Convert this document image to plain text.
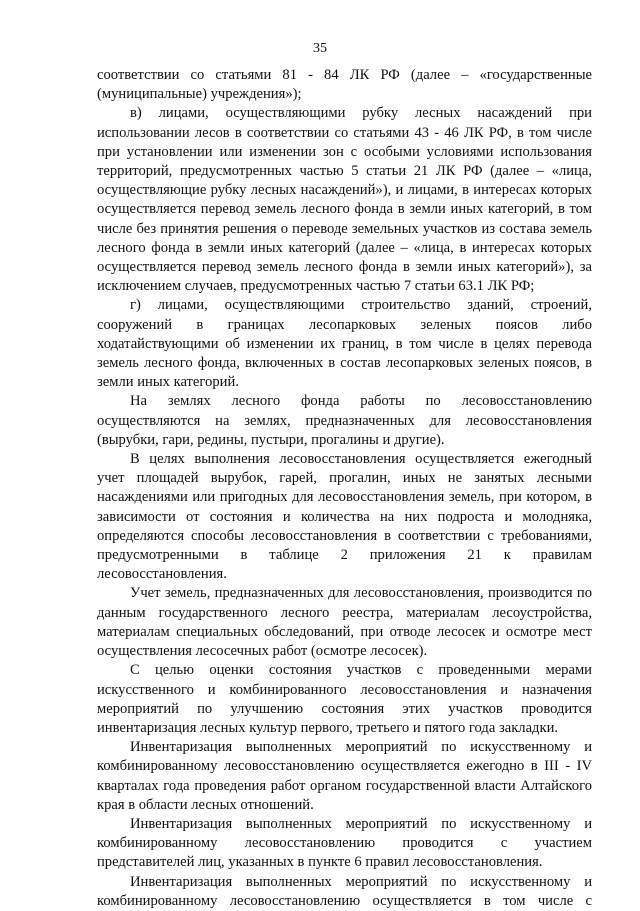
35

соответствии со статьями 81 - 84 ЛК РФ (далее – «государственные (муниципальные) учреждения»);

в) лицами, осуществляющими рубку лесных насаждений при использовании лесов в соответствии со статьями 43 - 46 ЛК РФ, в том числе при установлении или изменении зон с особыми условиями использования территорий, предусмотренных частью 5 статьи 21 ЛК РФ (далее – «лица, осуществляющие рубку лесных насаждений»), и лицами, в интересах которых осуществляется перевод земель лесного фонда в земли иных категорий, в том числе без принятия решения о переводе земельных участков из состава земель лесного фонда в земли иных категорий (далее – «лица, в интересах которых осуществляется перевод земель лесного фонда в земли иных категорий»), за исключением случаев, предусмотренных частью 7 статьи 63.1 ЛК РФ;

г) лицами, осуществляющими строительство зданий, строений, сооружений в границах лесопарковых зеленых поясов либо ходатайствующими об изменении их границ, в том числе в целях перевода земель лесного фонда, включенных в состав лесопарковых зеленых поясов, в земли иных категорий.

На землях лесного фонда работы по лесовосстановлению осуществляются на землях, предназначенных для лесовосстановления (вырубки, гари, редины, пустыри, прогалины и другие).

В целях выполнения лесовосстановления осуществляется ежегодный учет площадей вырубок, гарей, прогалин, иных не занятых лесными насаждениями или пригодных для лесовосстановления земель, при котором, в зависимости от состояния и количества на них подроста и молодняка, определяются способы лесовосстановления в соответствии с требованиями, предусмотренными в таблице 2 приложения 21 к правилам лесовосстановления.

Учет земель, предназначенных для лесовосстановления, производится по данным государственного лесного реестра, материалам лесоустройства, материалам специальных обследований, при отводе лесосек и осмотре мест осуществления лесосечных работ (осмотре лесосек).

С целью оценки состояния участков с проведенными мерами искусственного и комбинированного лесовосстановления и назначения мероприятий по улучшению состояния этих участков проводится инвентаризация лесных культур первого, третьего и пятого года закладки.

Инвентаризация выполненных мероприятий по искусственному и комбинированному лесовосстановлению осуществляется ежегодно в III - IV кварталах года проведения работ органом государственной власти Алтайского края в области лесных отношений.

Инвентаризация выполненных мероприятий по искусственному и комбинированному лесовосстановлению проводится с участием представителей лиц, указанных в пункте 6 правил лесовосстановления.

Инвентаризация выполненных мероприятий по искусственному и комбинированному лесовосстановлению осуществляется в том числе с
